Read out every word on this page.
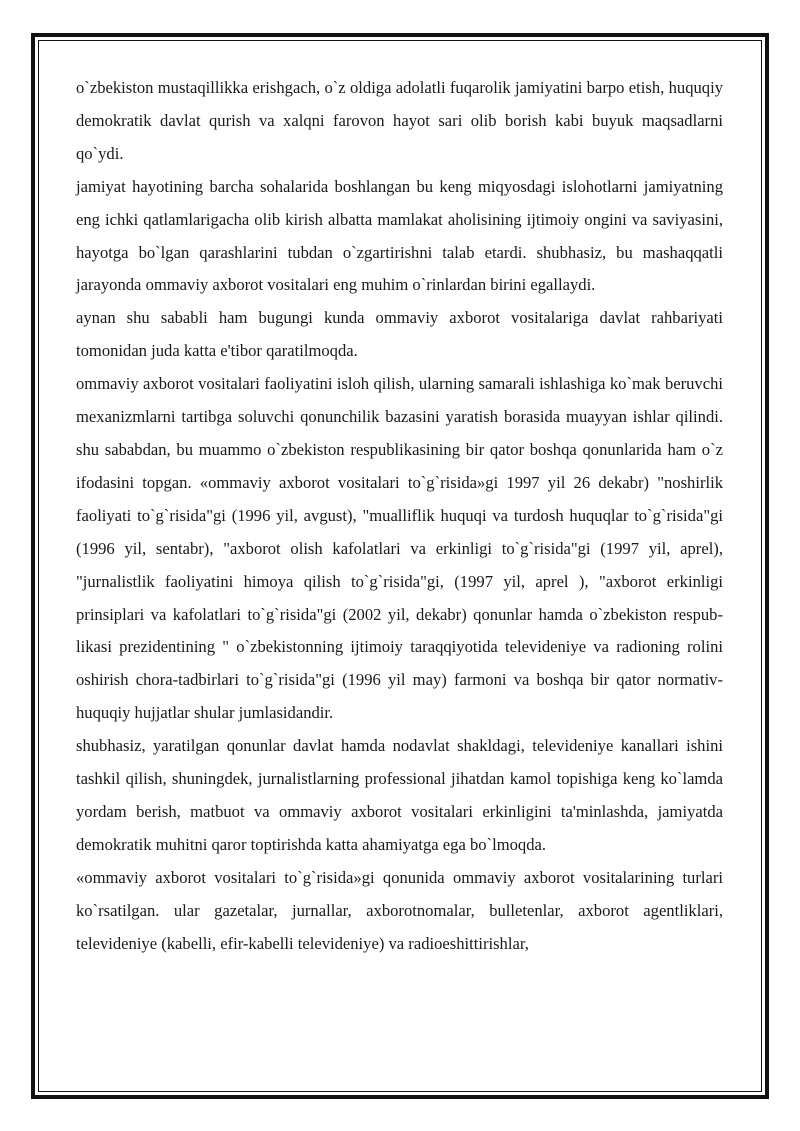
o`zbekiston mustaqillikka erishgach, o`z oldiga adolatli fuqarolik jamiyatini barpo etish, huquqiy demokratik davlat qurish va xalqni farovon hayot sari olib borish kabi buyuk maqsadlarni qo`ydi.

jamiyat hayotining barcha sohalarida boshlangan bu keng miqyosdagi islohotlarni jamiyatning eng ichki qatlamlarigacha olib kirish albatta mamlakat aholisining ijtimoiy ongini va saviyasini, hayotga bo`lgan qarashlarini tubdan o`zgartirishni talab etardi. shubhasiz, bu mashaqqatli jarayonda ommaviy axborot vositalari eng muhim o`rinlardan birini egallaydi.

aynan shu sababli ham bugungi kunda ommaviy axborot vositalariga davlat rahbariyati tomonidan juda katta e'tibor qaratilmoqda.

ommaviy axborot vositalari faoliyatini isloh qilish, ularning samarali ishlashiga ko`mak beruvchi mexanizmlarni tartibga soluvchi qonunchilik bazasini yaratish borasida muayyan ishlar qilindi. shu sababdan, bu muammo o`zbekiston respublikasining bir qator boshqa qonunlarida ham o`z ifodasini topgan. «ommaviy axborot vositalari to`g`risida»gi 1997 yil 26 dekabr) "noshirlik faoliyati to`g`risida"gi (1996 yil, avgust), "mualliflik huquqi va turdosh huquqlar to`g`risida"gi (1996 yil, sentabr), "axborot olish kafolatlari va erkinligi to`g`risida"gi (1997 yil, aprel), "jurnalistlik faoliyatini himoya qilish to`g`risida"gi, (1997 yil, aprel ), "axborot erkinligi prinsiplari va kafolatlari to`g`risida"gi (2002 yil, dekabr) qonunlar hamda o`zbekiston respub-likasi prezidentining " o`zbekistonning ijtimoiy taraqqiyotida televideniye va radioning rolini oshirish chora-tadbirlari to`g`risida"gi (1996 yil may) farmoni va boshqa bir qator normativ-huquqiy hujjatlar shular jumlasidandir.

shubhasiz, yaratilgan qonunlar davlat hamda nodavlat shakldagi, televideniye kanallari ishini tashkil qilish, shuningdek, jurnalistlarning professional jihatdan kamol topishiga keng ko`lamda yordam berish, matbuot va ommaviy axborot vositalari erkinligini ta'minlashda, jamiyatda demokratik muhitni qaror toptirishda katta ahamiyatga ega bo`lmoqda.

«ommaviy axborot vositalari to`g`risida»gi qonunida ommaviy axborot vositalarining turlari ko`rsatilgan. ular gazetalar, jurnallar, axborotnomalar, bulletenlar, axborot agentliklari, televideniye (kabelli, efir-kabelli televideniye) va radioeshittirishlar,
